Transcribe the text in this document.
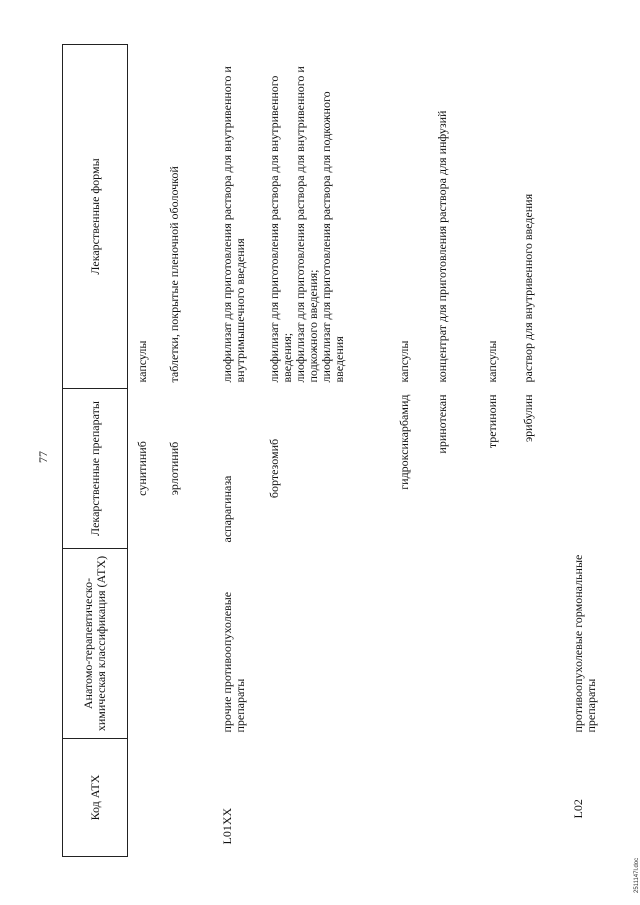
77
Код АТХ	Анатомо-терапевтическо-химическая классификация (АТХ)	Лекарственные препараты	Лекарственные формы
		сунитиниб	капсулы
		эрлотиниб	таблетки, покрытые пленочной оболочкой
L01XX	прочие противоопухолевые препараты	аспарагиназа	лиофилизат для приготовления раствора для внутривенного и внутримышечного введения
		бортезомиб	лиофилизат для приготовления раствора для внутривенного введения;
лиофилизат для приготовления раствора для внутривенного и подкожного введения;
лиофилизат для приготовления раствора для подкожного введения
		гидроксикарбамид	капсулы
		иринотекан	концентрат для приготовления раствора для инфузий
		третиноин	капсулы
		эрибулин	раствор для внутривенного введения
L02	противоопухолевые гормональные препараты		
2511147l.doc
